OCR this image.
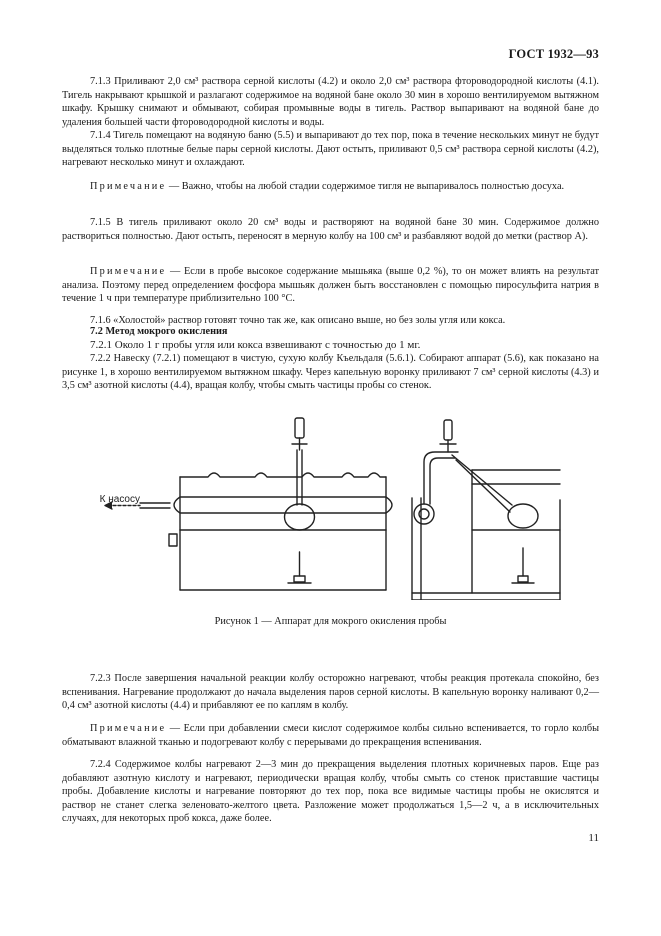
ГОСТ 1932—93
7.1.3 Приливают 2,0 см³ раствора серной кислоты (4.2) и около 2,0 см³ раствора фтороводородной кислоты (4.1). Тигель накрывают крышкой и разлагают содержимое на водяной бане около 30 мин в хорошо вентилируемом вытяжном шкафу. Крышку снимают и обмывают, собирая промывные воды в тигель. Раствор выпаривают на водяной бане до удаления большей части фтороводородной кислоты и воды.
7.1.4 Тигель помещают на водяную баню (5.5) и выпаривают до тех пор, пока в течение нескольких минут не будут выделяться только плотные белые пары серной кислоты. Дают остыть, приливают 0,5 см³ раствора серной кислоты (4.2), нагревают несколько минут и охлаждают.
Примечание — Важно, чтобы на любой стадии содержимое тигля не выпаривалось полностью досуха.
7.1.5 В тигель приливают около 20 см³ воды и растворяют на водяной бане 30 мин. Содержимое должно раствориться полностью. Дают остыть, переносят в мерную колбу на 100 см³ и разбавляют водой до метки (раствор А).
Примечание — Если в пробе высокое содержание мышьяка (выше 0,2 %), то он может влиять на результат анализа. Поэтому перед определением фосфора мышьяк должен быть восстановлен с помощью пиросульфита натрия в течение 1 ч при температуре приблизительно 100 °С.
7.1.6 «Холостой» раствор готовят точно так же, как описано выше, но без золы угля или кокса.
7.2 Метод мокрого окисления
7.2.1 Около 1 г пробы угля или кокса взвешивают с точностью до 1 мг.
7.2.2 Навеску (7.2.1) помещают в чистую, сухую колбу Къельдаля (5.6.1). Собирают аппарат (5.6), как показано на рисунке 1, в хорошо вентилируемом вытяжном шкафу. Через капельную воронку приливают 7 см³ серной кислоты (4.3) и 3,5 см³ азотной кислоты (4.4), вращая колбу, чтобы смыть частицы пробы со стенок.
К насосу
Рисунок 1 — Аппарат для мокрого окисления пробы
7.2.3 После завершения начальной реакции колбу осторожно нагревают, чтобы реакция протекала спокойно, без вспенивания. Нагревание продолжают до начала выделения паров серной кислоты. В капельную воронку наливают 0,2—0,4 см³ азотной кислоты (4.4) и прибавляют ее по каплям в колбу.
Примечание — Если при добавлении смеси кислот содержимое колбы сильно вспенивается, то горло колбы обматывают влажной тканью и подогревают колбу с перерывами до прекращения вспенивания.
7.2.4 Содержимое колбы нагревают 2—3 мин до прекращения выделения плотных коричневых паров. Еще раз добавляют азотную кислоту и нагревают, периодически вращая колбу, чтобы смыть со стенок приставшие частицы пробы. Добавление кислоты и нагревание повторяют до тех пор, пока все видимые частицы пробы не окислятся и раствор не станет слегка зеленовато-желтого цвета. Разложение может продолжаться 1,5—2 ч, а в исключительных случаях, для некоторых проб кокса, даже более.
11
